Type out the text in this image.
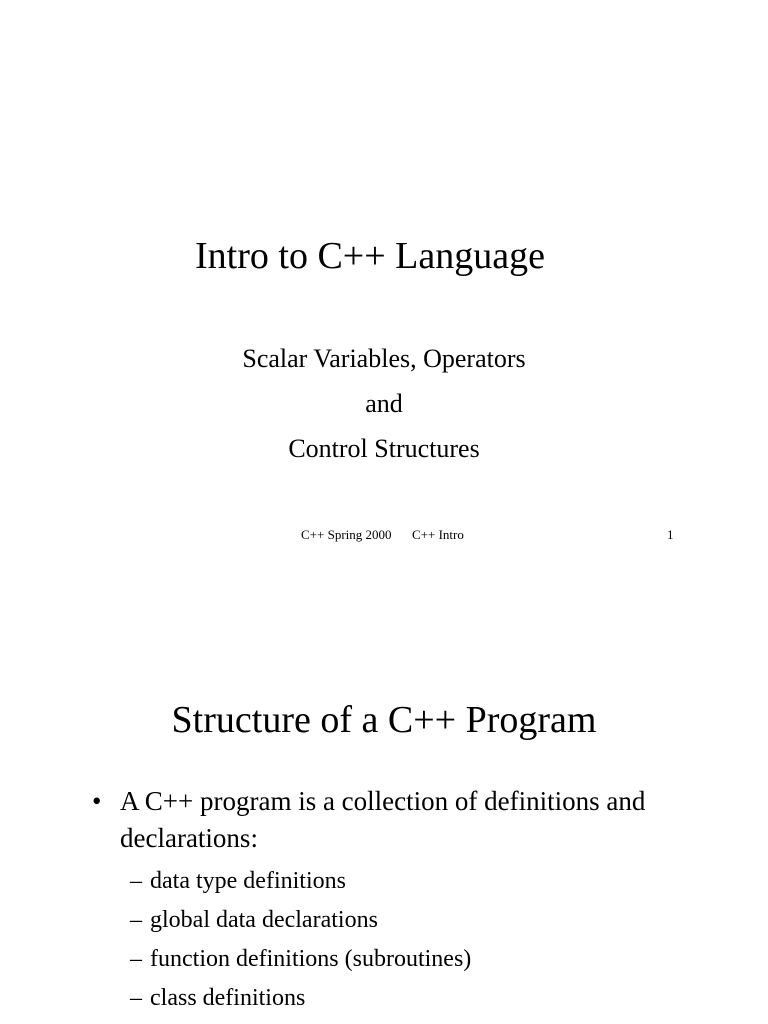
Intro to C++ Language
Scalar Variables, Operators
and
Control Structures
C++ Spring 2000 C++ Intro	1
Structure of a C++ Program
• A C++ program is a collection of definitions and declarations:
– data type definitions
– global data declarations
– function definitions (subroutines)
– class definitions
